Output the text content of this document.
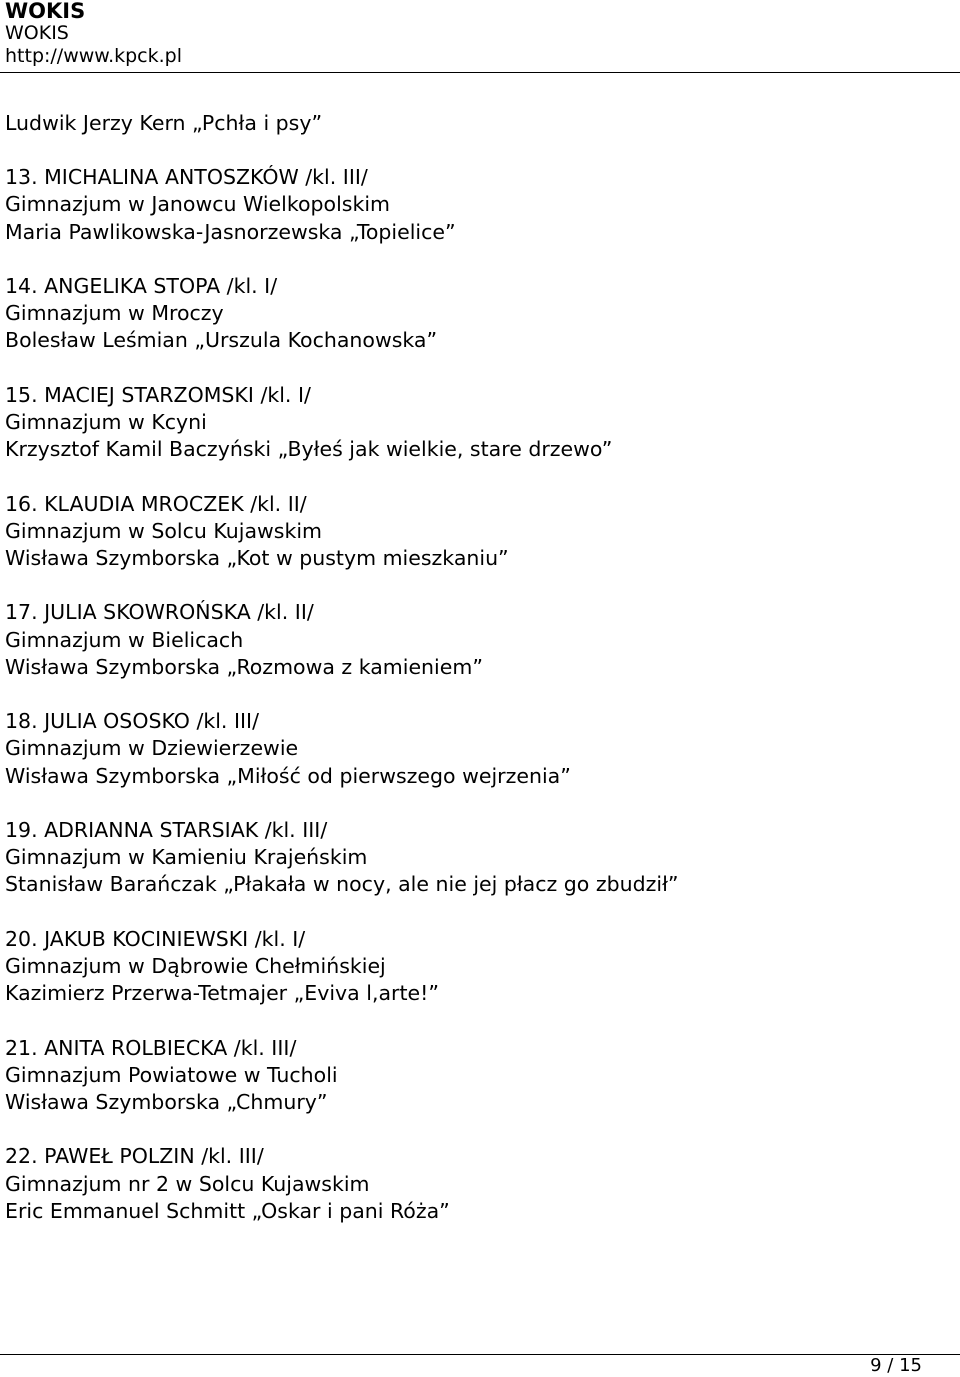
WOKIS
WOKIS
http://www.kpck.pl
Ludwik Jerzy Kern „Pchła i psy”
13. MICHALINA ANTOSZKÓW /kl. III/
Gimnazjum w Janowcu Wielkopolskim
Maria Pawlikowska-Jasnorzewska „Topielice”
14. ANGELIKA STOPA /kl. I/
Gimnazjum w Mroczy
Bolesław Leśmian „Urszula Kochanowska”
15. MACIEJ STARZOMSKI /kl. I/
Gimnazjum w Kcyni
Krzysztof Kamil Baczyński „Byłeś jak wielkie, stare drzewo”
16. KLAUDIA MROCZEK /kl. II/
Gimnazjum w Solcu Kujawskim
Wisława Szymborska „Kot w pustym mieszkaniu”
17. JULIA SKOWROŃSKA /kl. II/
Gimnazjum w Bielicach
Wisława Szymborska „Rozmowa z kamieniem”
18. JULIA OSOSKO /kl. III/
Gimnazjum w Dziewierzewie
Wisława Szymborska „Miłość od pierwszego wejrzenia”
19. ADRIANNA STARSIAK /kl. III/
Gimnazjum w Kamieniu Krajeńskim
Stanisław Barańczak „Płakała w nocy, ale nie jej płacz go zbudził”
20. JAKUB KOCINIEWSKI /kl. I/
Gimnazjum w Dąbrowie Chełmińskiej
Kazimierz Przerwa-Tetmajer „Eviva l,arte!”
21. ANITA ROLBIECKA /kl. III/
Gimnazjum Powiatowe w Tucholi
Wisława Szymborska „Chmury”
22. PAWEŁ POLZIN /kl. III/
Gimnazjum nr 2 w Solcu Kujawskim
Eric Emmanuel Schmitt „Oskar i pani Róża”
9 / 15
